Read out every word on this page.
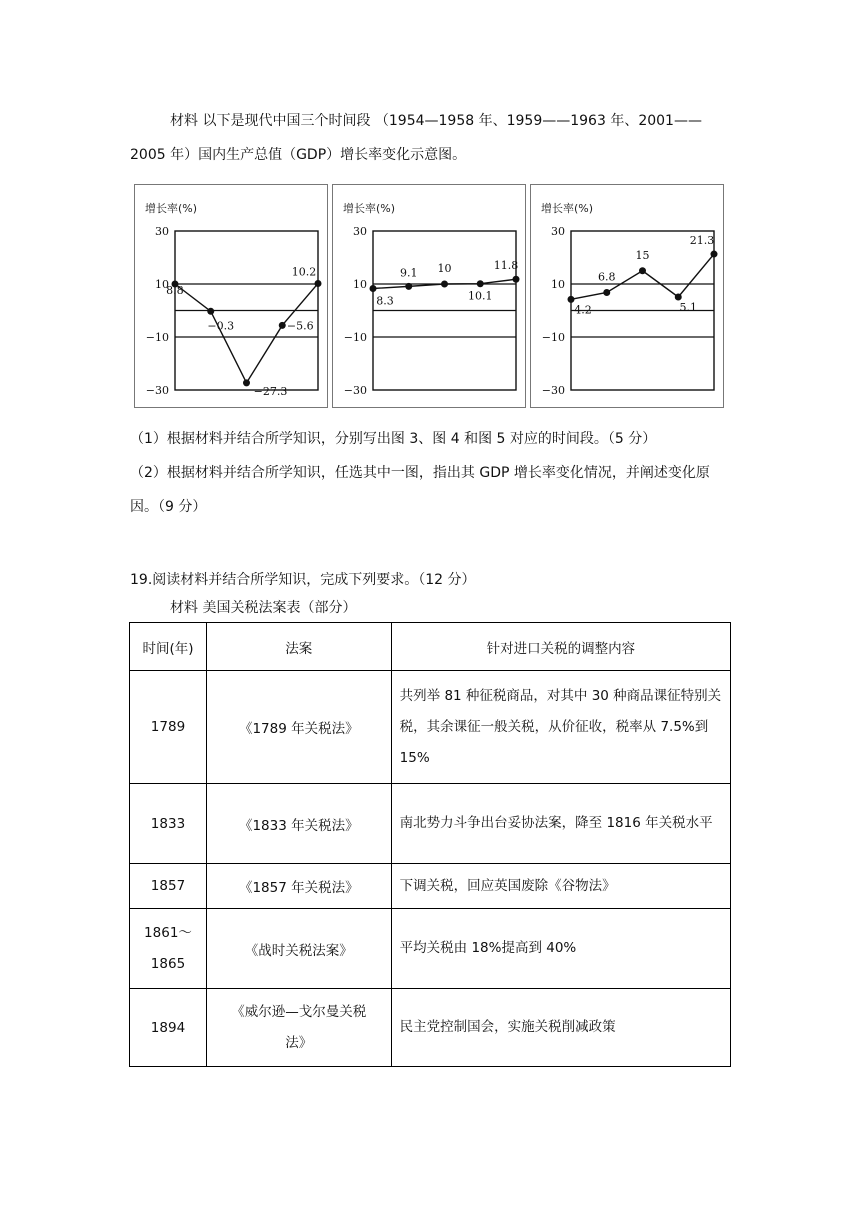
材料 以下是现代中国三个时间段 （1954—1958 年、1959——1963 年、2001——2005 年）国内生产总值（GDP）增长率变化示意图。
增长率(%)
30
10
−10
−30
8.8
−0.3
−27.3
−5.6
10.2
增长率(%)
30
10
−10
−30
8.3
9.1 10
10.1
11.8
增长率(%)
30
10
−10
−30
4.2
6.8
15
5.1
21.3
（1）根据材料并结合所学知识，分别写出图 3、图 4 和图 5 对应的时间段。（5 分）
（2）根据材料并结合所学知识，任选其中一图，指出其 GDP 增长率变化情况，并阐述变化原因。（9 分）
19.阅读材料并结合所学知识，完成下列要求。（12 分）
材料 美国关税法案表（部分）
时间(年)	法案	针对进口关税的调整内容
1789	《1789 年关税法》	共列举 81 种征税商品，对其中 30 种商品课征特别关税，其余课征一般关税，从价征收，税率从 7.5%到 15%
1833	《1833 年关税法》	南北势力斗争出台妥协法案，降至 1816 年关税水平
1857	《1857 年关税法》	下调关税，回应英国废除《谷物法》
1861～1865	《战时关税法案》	平均关税由 18%提高到 40%
1894	《威尔逊—戈尔曼关税法》	民主党控制国会，实施关税削减政策
